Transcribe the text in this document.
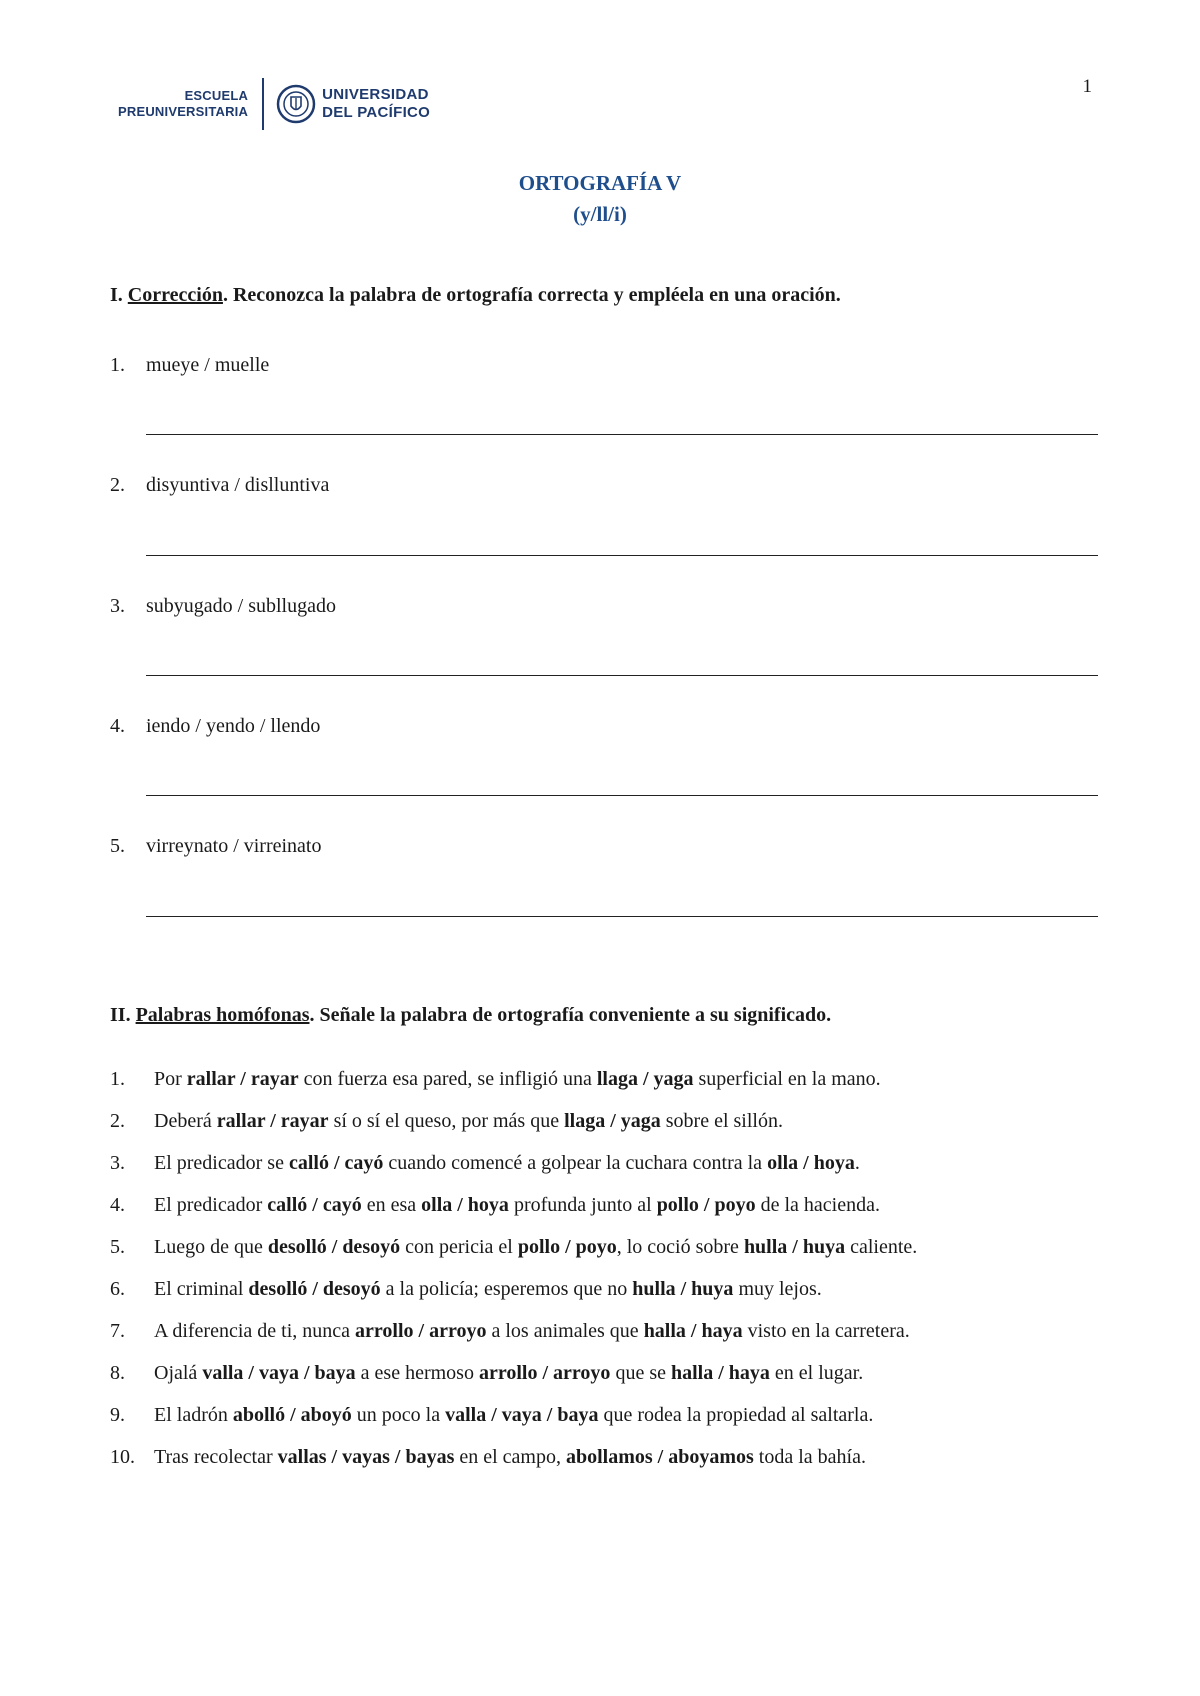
ESCUELA
PREUNIVERSITARIA
UNIVERSIDAD
DEL PACÍFICO
1
ORTOGRAFÍA V
(y/ll/i)
I. Corrección. Reconozca la palabra de ortografía correcta y empléela en una oración.
1. mueye / muelle
2. disyuntiva / dislluntiva
3. subyugado / subllugado
4. iendo / yendo / llendo
5. virreynato / virreinato
II. Palabras homófonas. Señale la palabra de ortografía conveniente a su significado.
1.	Por rallar / rayar con fuerza esa pared, se infligió una llaga / yaga superficial en la mano.
2.	Deberá rallar / rayar sí o sí el queso, por más que llaga / yaga sobre el sillón.
3.	El predicador se calló / cayó cuando comencé a golpear la cuchara contra la olla / hoya.
4.	El predicador calló / cayó en esa olla / hoya profunda junto al pollo / poyo de la hacienda.
5.	Luego de que desolló / desoyó con pericia el pollo / poyo, lo coció sobre hulla / huya caliente.
6.	El criminal desolló / desoyó a la policía; esperemos que no hulla / huya muy lejos.
7.	A diferencia de ti, nunca arrollo / arroyo a los animales que halla / haya visto en la carretera.
8.	Ojalá valla / vaya / baya a ese hermoso arrollo / arroyo que se halla / haya en el lugar.
9.	El ladrón abolló / aboyó un poco la valla / vaya / baya que rodea la propiedad al saltarla.
10. Tras recolectar vallas / vayas / bayas en el campo, abollamos / aboyamos toda la bahía.
